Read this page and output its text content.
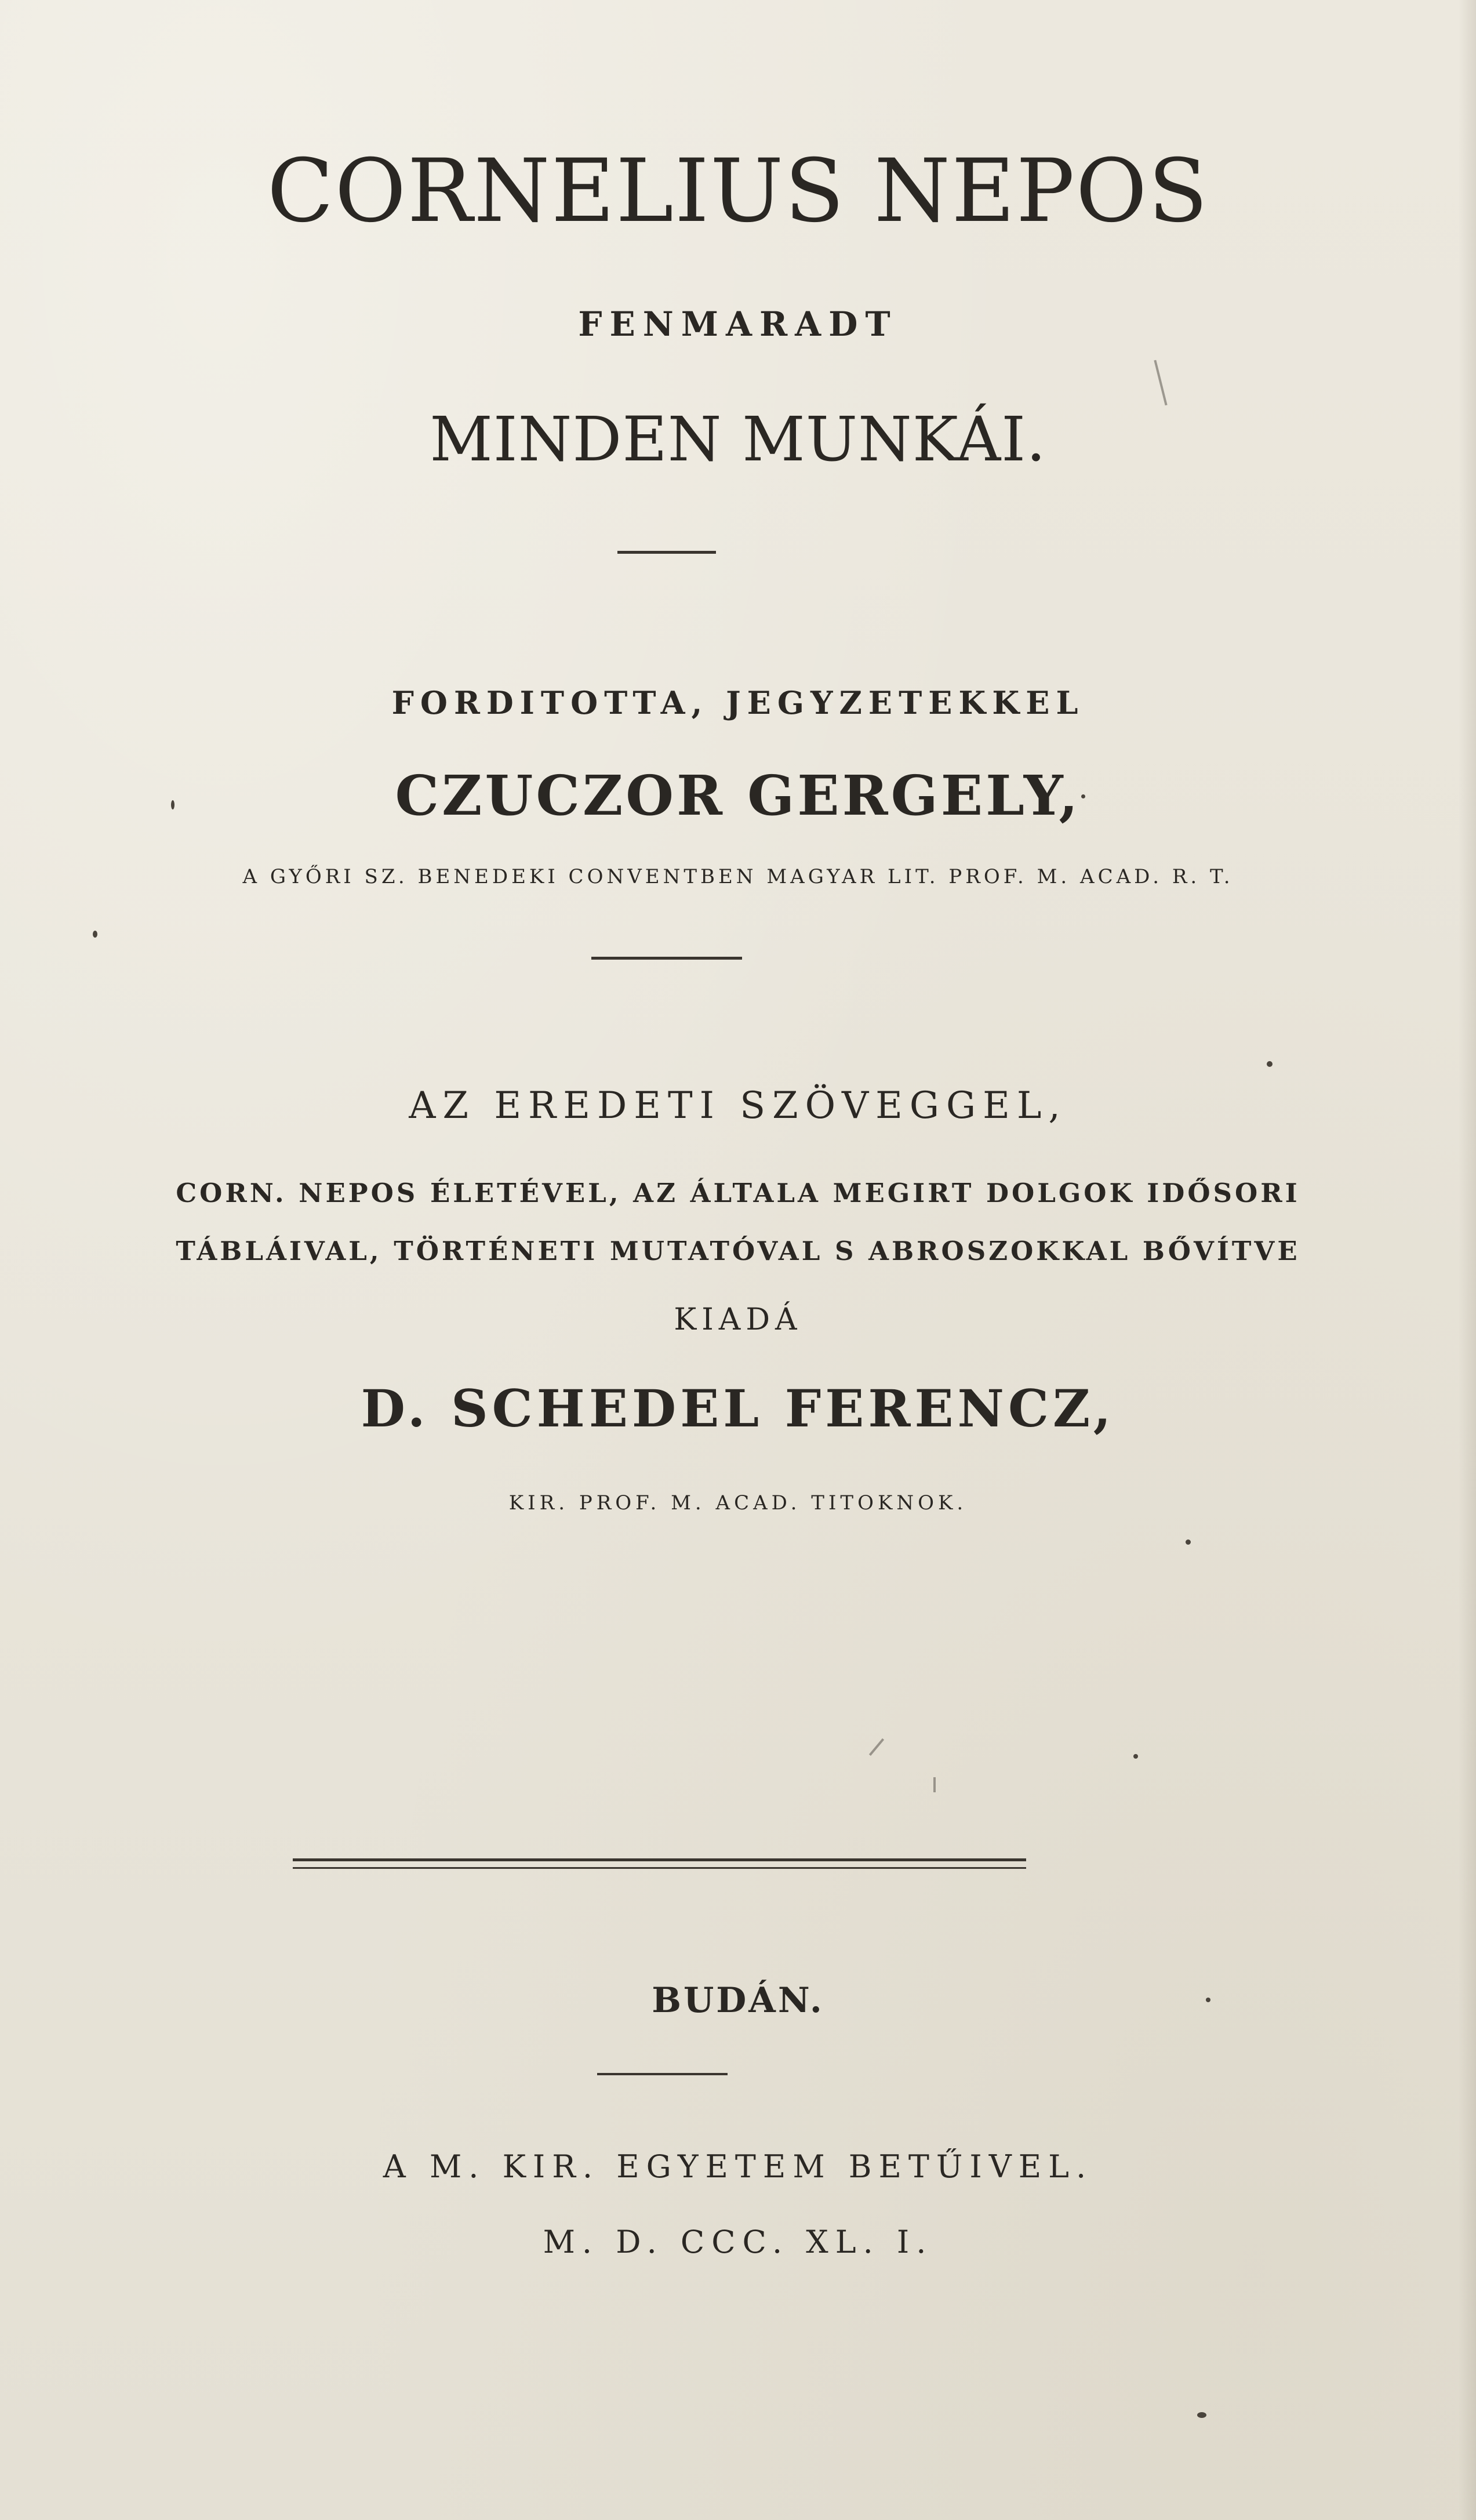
CORNELIUS NEPOS
FENMARADT
MINDEN MUNKÁI.
FORDITOTTA, JEGYZETEKKEL
CZUCZOR GERGELY,
A GYŐRI SZ. BENEDEKI CONVENTBEN MAGYAR LIT. PROF. M. ACAD. R. T.
AZ EREDETI SZÖVEGGEL,
CORN. NEPOS ÉLETÉVEL, AZ ÁLTALA MEGIRT DOLGOK IDŐSORI
TÁBLÁIVAL, TÖRTÉNETI MUTATÓVAL S ABROSZOKKAL BŐVÍTVE
KIADÁ
D. SCHEDEL FERENCZ,
KIR. PROF. M. ACAD. TITOKNOK.
BUDÁN.
A M. KIR. EGYETEM BETŰIVEL.
M. D. CCC. XL. I.
